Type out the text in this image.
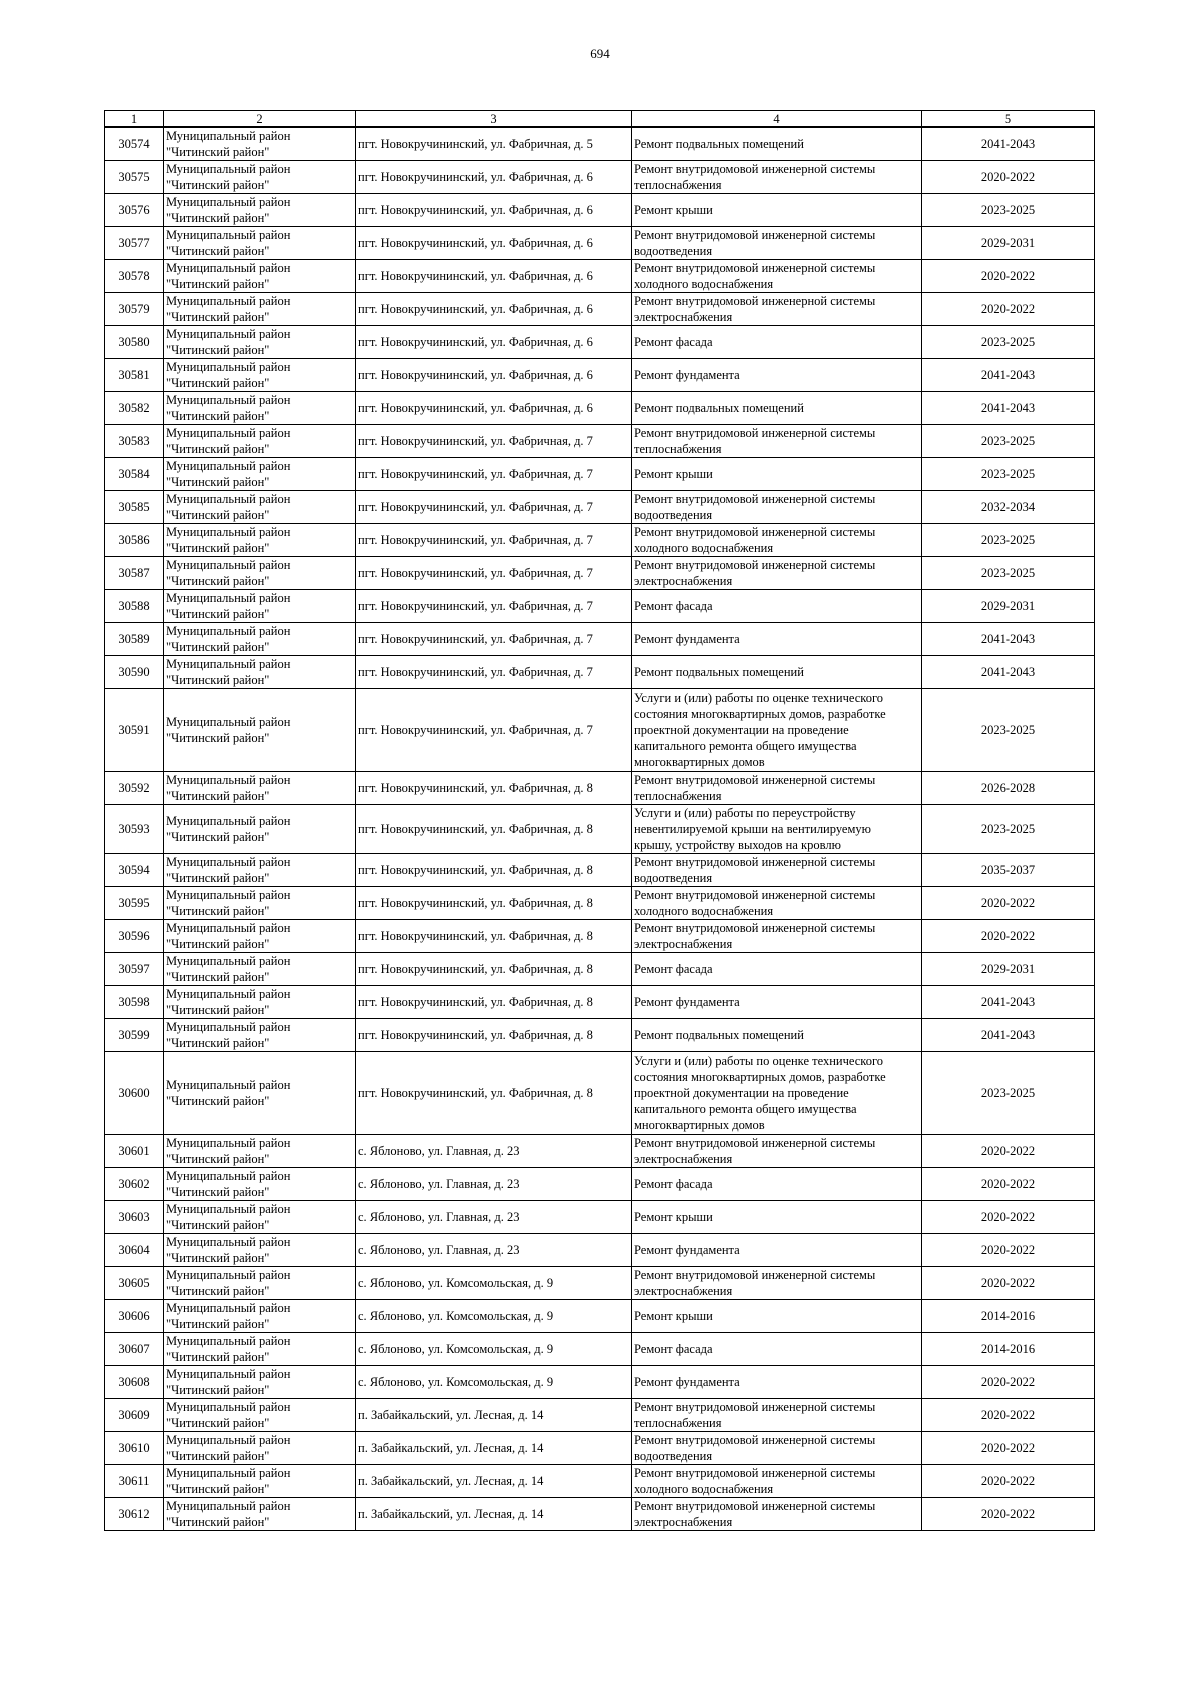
694
1	2	3	4	5

30574	Муниципальный район
"Читинский район"	пгт. Новокручининский, ул. Фабричная, д. 5	Ремонт подвальных помещений	2041-2043

30575	Муниципальный район
"Читинский район"	пгт. Новокручининский, ул. Фабричная, д. 6	Ремонт внутридомовой инженерной системы
теплоснабжения	2020-2022

30576	Муниципальный район
"Читинский район"	пгт. Новокручининский, ул. Фабричная, д. 6	Ремонт крыши	2023-2025

30577	Муниципальный район
"Читинский район"	пгт. Новокручининский, ул. Фабричная, д. 6	Ремонт внутридомовой инженерной системы
водоотведения	2029-2031

30578	Муниципальный район
"Читинский район"	пгт. Новокручининский, ул. Фабричная, д. 6	Ремонт внутридомовой инженерной системы
холодного водоснабжения	2020-2022

30579	Муниципальный район
"Читинский район"	пгт. Новокручининский, ул. Фабричная, д. 6	Ремонт внутридомовой инженерной системы
электроснабжения	2020-2022

30580	Муниципальный район
"Читинский район"	пгт. Новокручининский, ул. Фабричная, д. 6	Ремонт фасада	2023-2025

30581	Муниципальный район
"Читинский район"	пгт. Новокручининский, ул. Фабричная, д. 6	Ремонт фундамента	2041-2043

30582	Муниципальный район
"Читинский район"	пгт. Новокручининский, ул. Фабричная, д. 6	Ремонт подвальных помещений	2041-2043

30583	Муниципальный район
"Читинский район"	пгт. Новокручининский, ул. Фабричная, д. 7	Ремонт внутридомовой инженерной системы
теплоснабжения	2023-2025

30584	Муниципальный район
"Читинский район"	пгт. Новокручининский, ул. Фабричная, д. 7	Ремонт крыши	2023-2025

30585	Муниципальный район
"Читинский район"	пгт. Новокручининский, ул. Фабричная, д. 7	Ремонт внутридомовой инженерной системы
водоотведения	2032-2034

30586	Муниципальный район
"Читинский район"	пгт. Новокручининский, ул. Фабричная, д. 7	Ремонт внутридомовой инженерной системы
холодного водоснабжения	2023-2025

30587	Муниципальный район
"Читинский район"	пгт. Новокручининский, ул. Фабричная, д. 7	Ремонт внутридомовой инженерной системы
электроснабжения	2023-2025

30588	Муниципальный район
"Читинский район"	пгт. Новокручининский, ул. Фабричная, д. 7	Ремонт фасада	2029-2031

30589	Муниципальный район
"Читинский район"	пгт. Новокручининский, ул. Фабричная, д. 7	Ремонт фундамента	2041-2043

30590	Муниципальный район
"Читинский район"	пгт. Новокручининский, ул. Фабричная, д. 7	Ремонт подвальных помещений	2041-2043

30591	Муниципальный район
"Читинский район"	пгт. Новокручининский, ул. Фабричная, д. 7	Услуги и (или) работы по оценке технического
состояния многоквартирных домов, разработке
проектной документации на проведение
капитального ремонта общего имущества
многоквартирных домов	2023-2025

30592	Муниципальный район
"Читинский район"	пгт. Новокручининский, ул. Фабричная, д. 8	Ремонт внутридомовой инженерной системы
теплоснабжения	2026-2028

30593	Муниципальный район
"Читинский район"	пгт. Новокручининский, ул. Фабричная, д. 8	Услуги и (или) работы по переустройству
невентилируемой крыши на вентилируемую
крышу, устройству выходов на кровлю	2023-2025

30594	Муниципальный район
"Читинский район"	пгт. Новокручининский, ул. Фабричная, д. 8	Ремонт внутридомовой инженерной системы
водоотведения	2035-2037

30595	Муниципальный район
"Читинский район"	пгт. Новокручининский, ул. Фабричная, д. 8	Ремонт внутридомовой инженерной системы
холодного водоснабжения	2020-2022

30596	Муниципальный район
"Читинский район"	пгт. Новокручининский, ул. Фабричная, д. 8	Ремонт внутридомовой инженерной системы
электроснабжения	2020-2022

30597	Муниципальный район
"Читинский район"	пгт. Новокручининский, ул. Фабричная, д. 8	Ремонт фасада	2029-2031

30598	Муниципальный район
"Читинский район"	пгт. Новокручининский, ул. Фабричная, д. 8	Ремонт фундамента	2041-2043

30599	Муниципальный район
"Читинский район"	пгт. Новокручининский, ул. Фабричная, д. 8	Ремонт подвальных помещений	2041-2043

30600	Муниципальный район
"Читинский район"	пгт. Новокручининский, ул. Фабричная, д. 8	Услуги и (или) работы по оценке технического
состояния многоквартирных домов, разработке
проектной документации на проведение
капитального ремонта общего имущества
многоквартирных домов	2023-2025

30601	Муниципальный район
"Читинский район"	с. Яблоново, ул. Главная, д. 23	Ремонт внутридомовой инженерной системы
электроснабжения	2020-2022

30602	Муниципальный район
"Читинский район"	с. Яблоново, ул. Главная, д. 23	Ремонт фасада	2020-2022

30603	Муниципальный район
"Читинский район"	с. Яблоново, ул. Главная, д. 23	Ремонт крыши	2020-2022

30604	Муниципальный район
"Читинский район"	с. Яблоново, ул. Главная, д. 23	Ремонт фундамента	2020-2022

30605	Муниципальный район
"Читинский район"	с. Яблоново, ул. Комсомольская, д. 9	Ремонт внутридомовой инженерной системы
электроснабжения	2020-2022

30606	Муниципальный район
"Читинский район"	с. Яблоново, ул. Комсомольская, д. 9	Ремонт крыши	2014-2016

30607	Муниципальный район
"Читинский район"	с. Яблоново, ул. Комсомольская, д. 9	Ремонт фасада	2014-2016

30608	Муниципальный район
"Читинский район"	с. Яблоново, ул. Комсомольская, д. 9	Ремонт фундамента	2020-2022

30609	Муниципальный район
"Читинский район"	п. Забайкальский, ул. Лесная, д. 14	Ремонт внутридомовой инженерной системы
теплоснабжения	2020-2022

30610	Муниципальный район
"Читинский район"	п. Забайкальский, ул. Лесная, д. 14	Ремонт внутридомовой инженерной системы
водоотведения	2020-2022

30611	Муниципальный район
"Читинский район"	п. Забайкальский, ул. Лесная, д. 14	Ремонт внутридомовой инженерной системы
холодного водоснабжения	2020-2022

30612	Муниципальный район
"Читинский район"	п. Забайкальский, ул. Лесная, д. 14	Ремонт внутридомовой инженерной системы
электроснабжения	2020-2022
